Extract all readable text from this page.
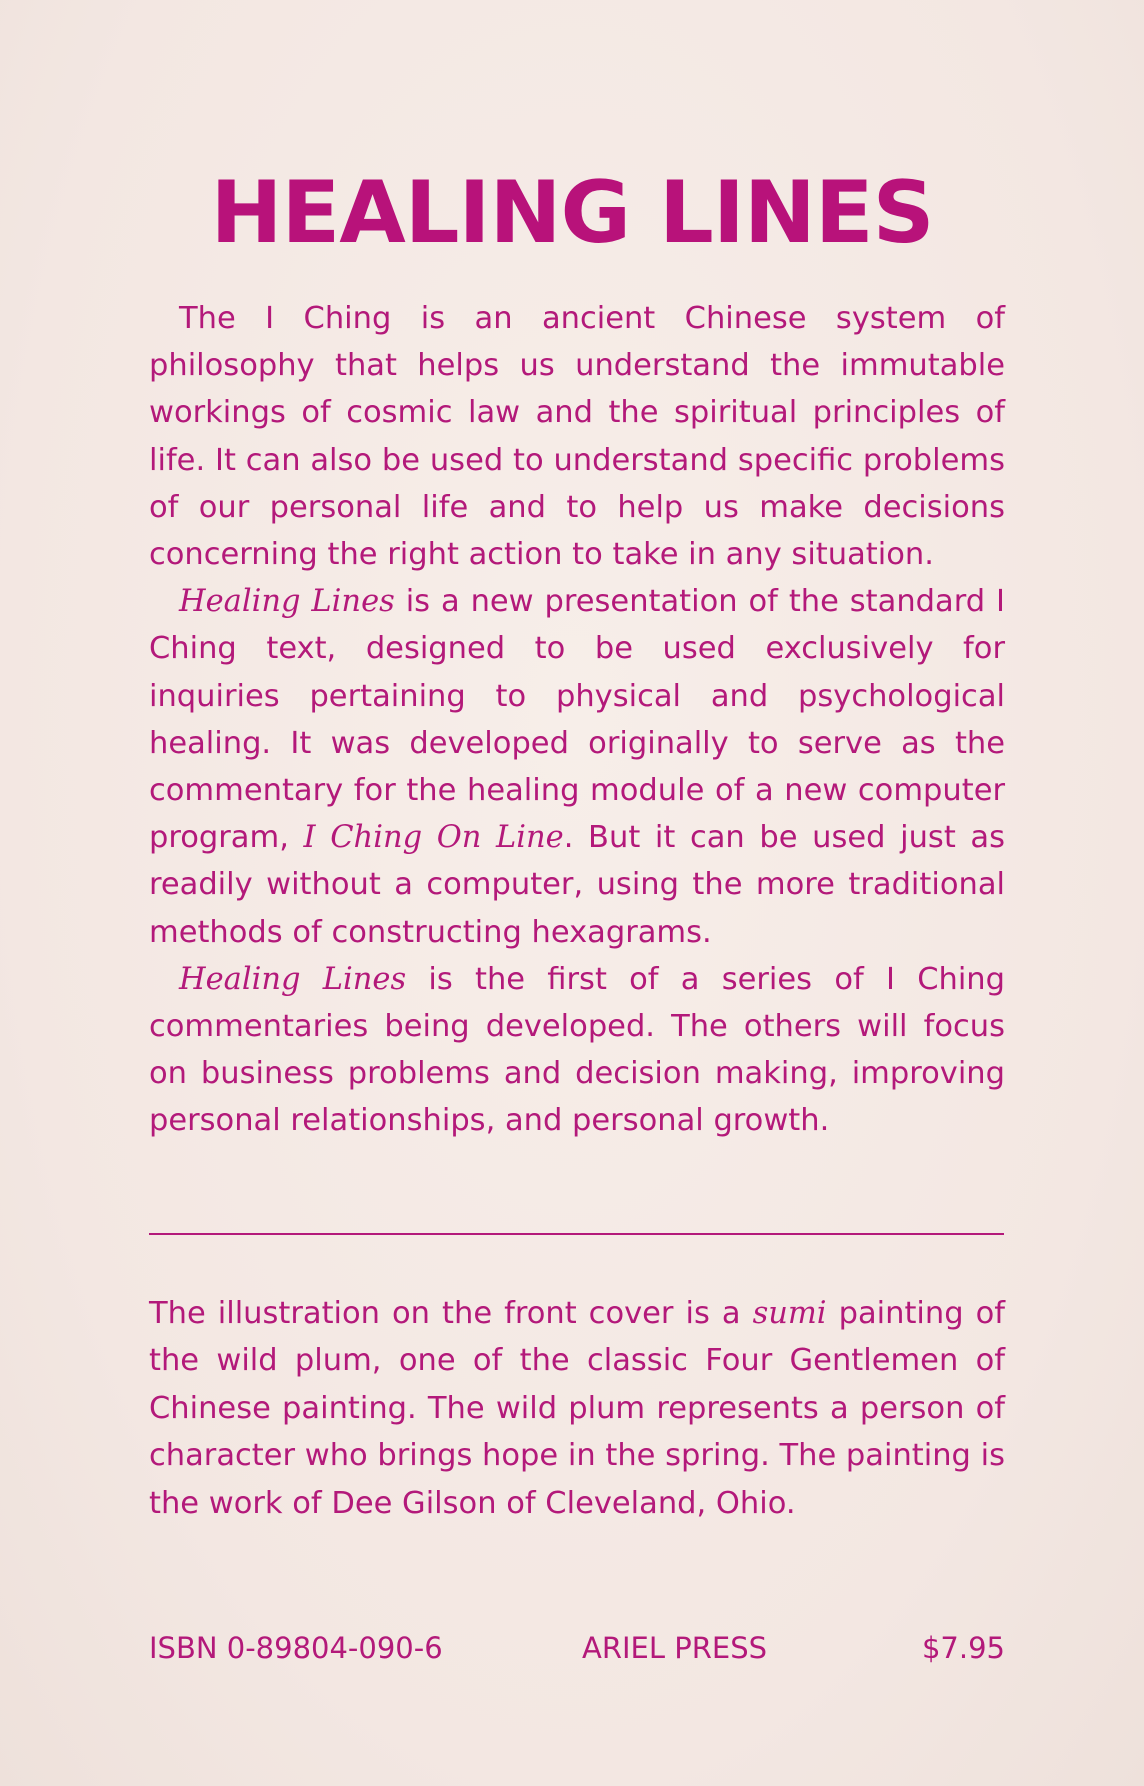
HEALING LINES

The I Ching is an ancient Chinese system of philosophy that helps us understand the immutable workings of cosmic law and the spiritual principles of life. It can also be used to understand specific problems of our personal life and to help us make decisions concerning the right action to take in any situation.

Healing Lines is a new presentation of the standard I Ching text, designed to be used exclusively for inquiries pertaining to physical and psychological healing. It was developed originally to serve as the commentary for the healing module of a new computer program, I Ching On Line. But it can be used just as readily without a computer, using the more traditional methods of constructing hexagrams.

Healing Lines is the first of a series of I Ching commentaries being developed. The others will focus on business problems and decision making, improving personal relationships, and personal growth.

The illustration on the front cover is a sumi painting of the wild plum, one of the classic Four Gentlemen of Chinese painting. The wild plum represents a person of character who brings hope in the spring. The painting is the work of Dee Gilson of Cleveland, Ohio.

ISBN 0-89804-090-6	ARIEL PRESS	$7.95
